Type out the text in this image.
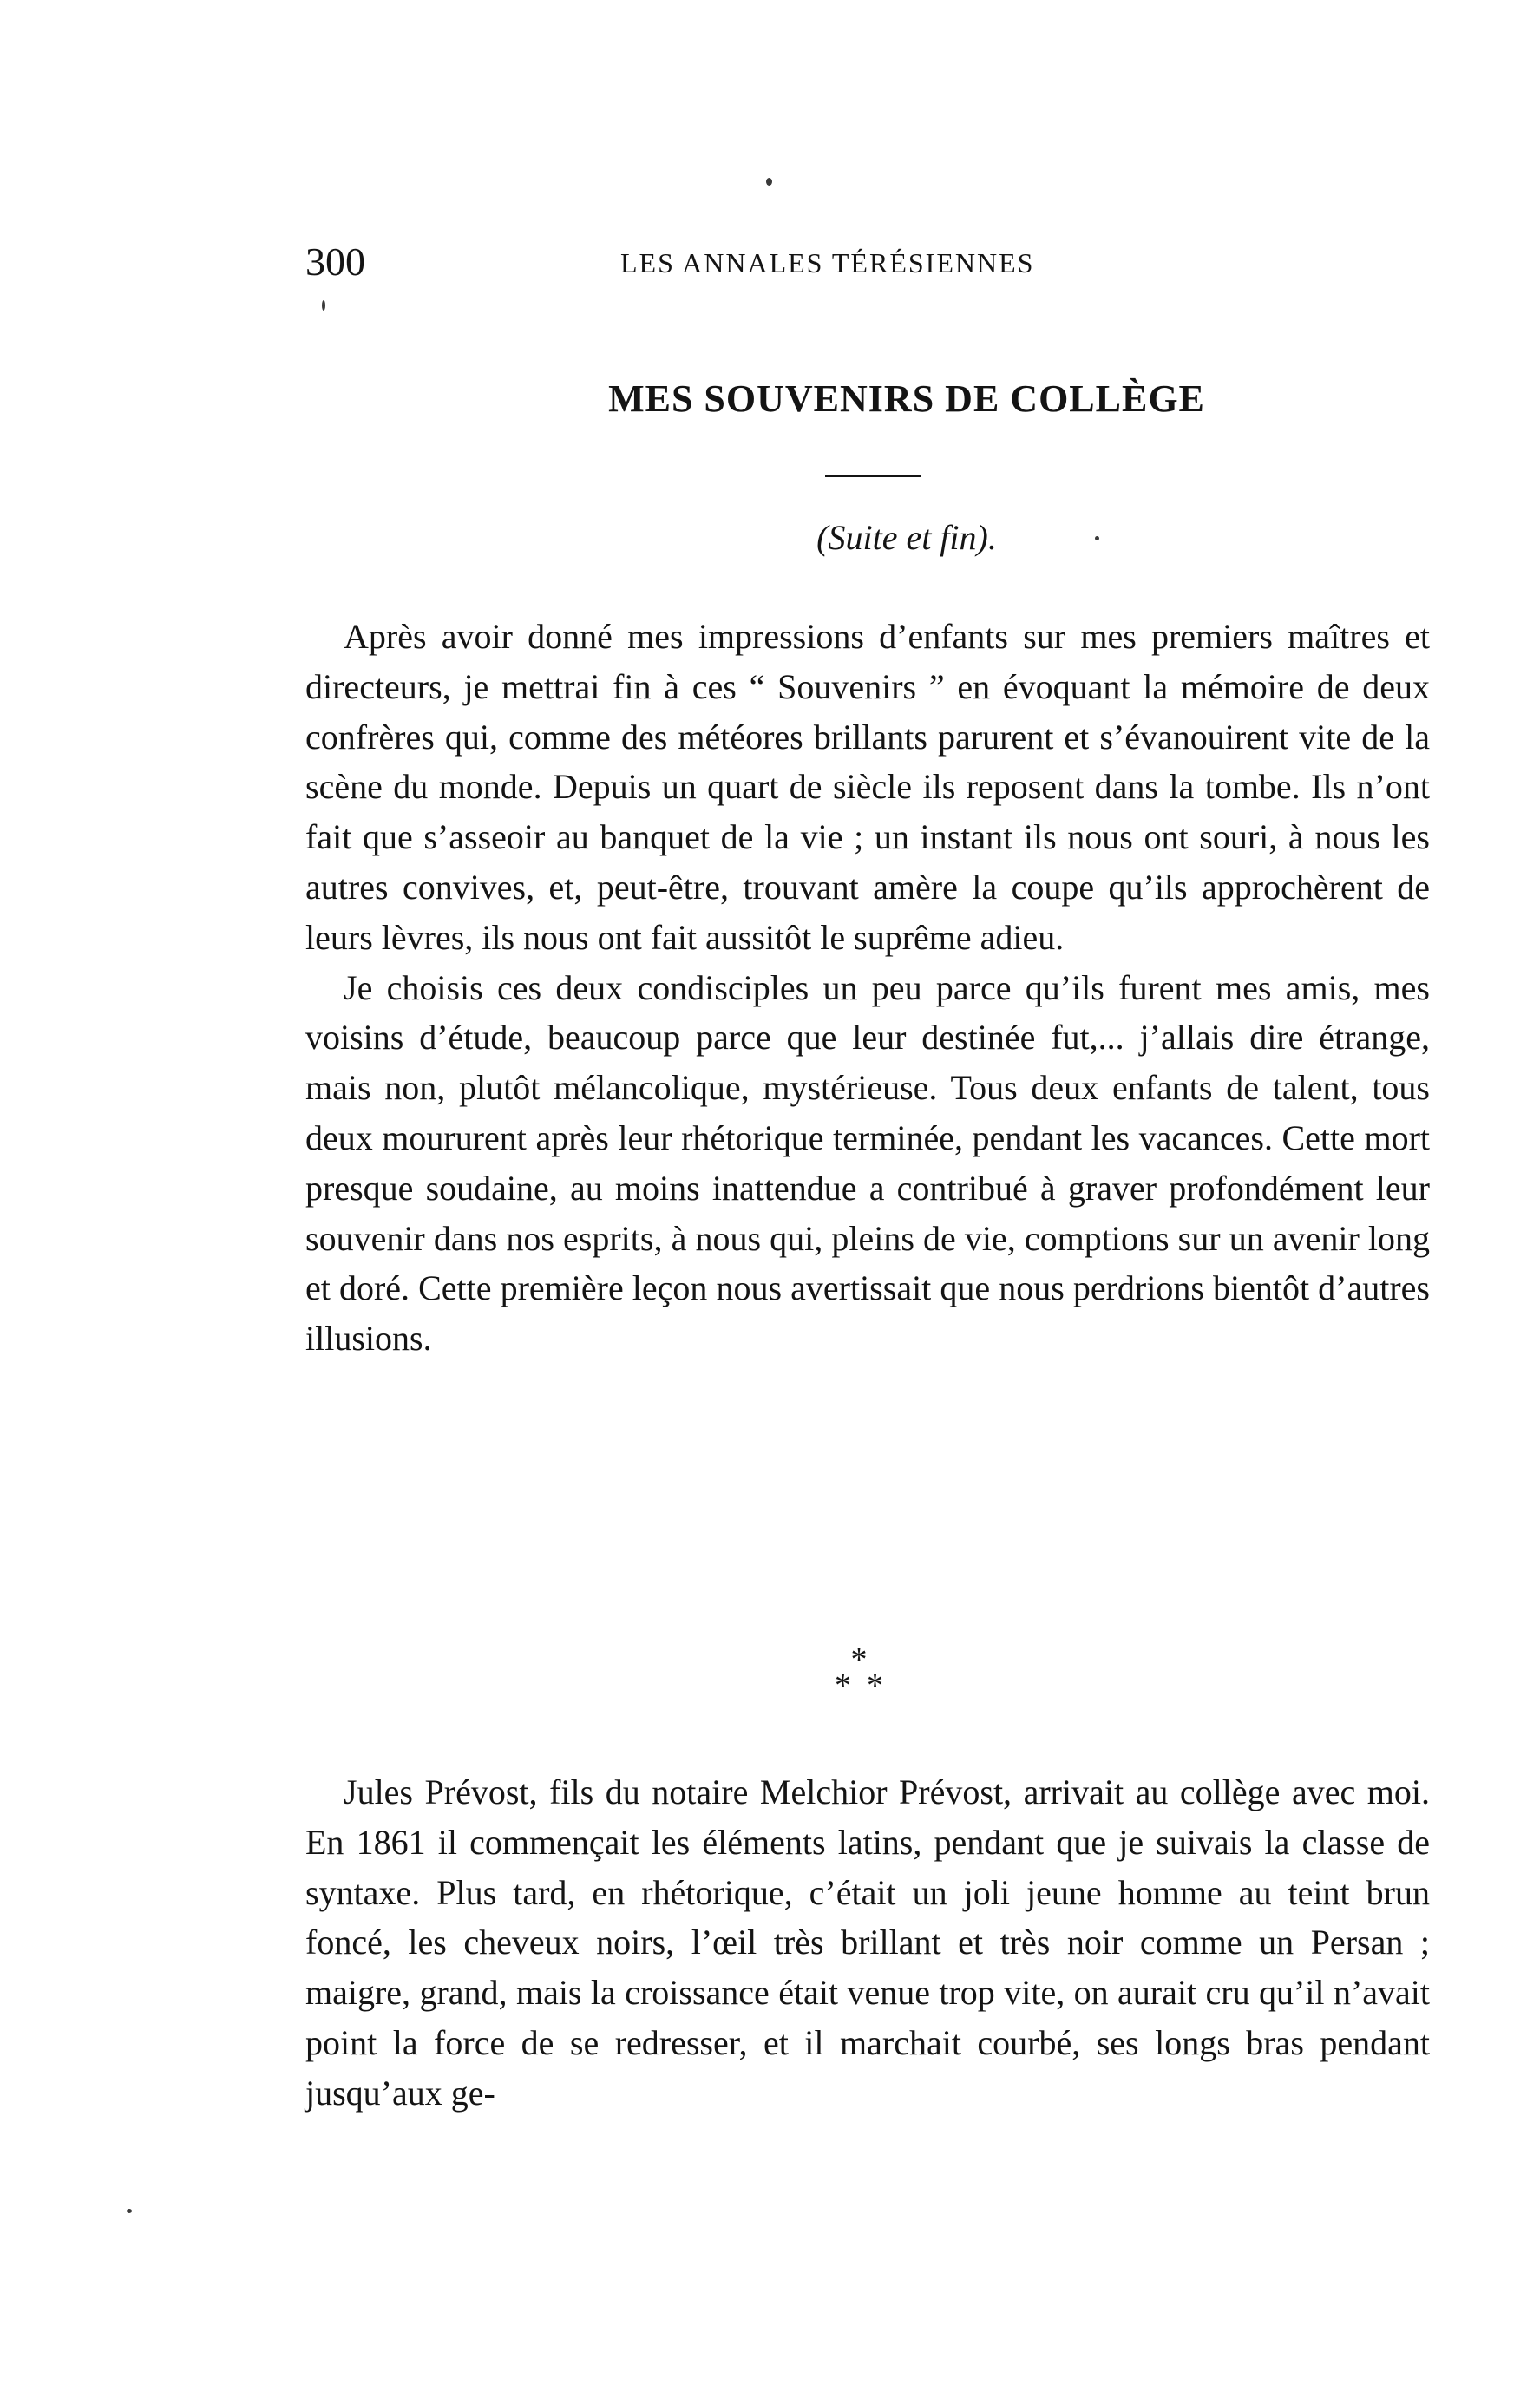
300	LES ANNALES TÉRÉSIENNES
MES SOUVENIRS DE COLLÈGE
(Suite et fin).

Après avoir donné mes impressions d’enfants sur mes premiers maîtres et directeurs, je mettrai fin à ces “ Souvenirs ” en évoquant la mémoire de deux confrères qui, comme des météores brillants parurent et s’évanouirent vite de la scène du monde. Depuis un quart de siècle ils reposent dans la tombe. Ils n’ont fait que s’asseoir au banquet de la vie ; un instant ils nous ont souri, à nous les autres convives, et, peut-être, trouvant amère la coupe qu’ils approchèrent de leurs lèvres, ils nous ont fait aussitôt le suprême adieu.

Je choisis ces deux condisciples un peu parce qu’ils furent mes amis, mes voisins d’étude, beaucoup parce que leur destinée fut,... j’allais dire étrange, mais non, plutôt mélancolique, mystérieuse. Tous deux enfants de talent, tous deux moururent après leur rhétorique terminée, pendant les vacances. Cette mort presque soudaine, au moins inattendue a contribué à graver profondément leur souvenir dans nos esprits, à nous qui, pleins de vie, comptions sur un avenir long et doré. Cette première leçon nous avertissait que nous perdrions bientôt d’autres illusions.

*
**

Jules Prévost, fils du notaire Melchior Prévost, arrivait au collège avec moi. En 1861 il commençait les éléments latins, pendant que je suivais la classe de syntaxe. Plus tard, en rhétorique, c’était un joli jeune homme au teint brun foncé, les cheveux noirs, l’œil très brillant et très noir comme un Persan ; maigre, grand, mais la croissance était venue trop vite, on aurait cru qu’il n’avait point la force de se redresser, et il marchait courbé, ses longs bras pendant jusqu’aux ge-
